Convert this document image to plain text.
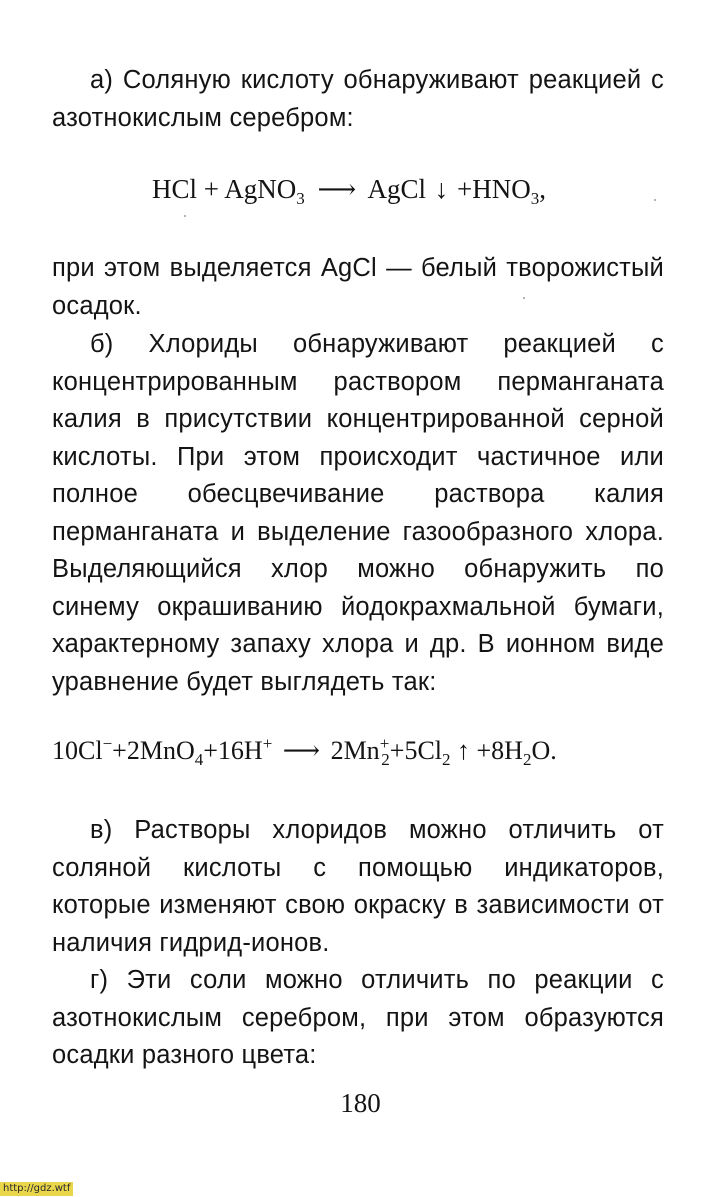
а) Соляную кислоту обнаруживают реакцией с азотнокислым серебром:

HCl + AgNO$_3$ ⟶ AgCl ↓ $+HNO_3$,

при этом выделяется AgCl — белый творожистый осадок.

б) Хлориды обнаруживают реакцией с концентрированным раствором перманганата калия в присутствии концентрированной серной кислоты. При этом происходит частичное или полное обесцвечивание раствора калия перманганата и выделение газообразного хлора. Выделяющийся хлор можно обнаружить по синему окрашиванию йодокрахмальной бумаги, характерному запаху хлора и др. В ионном виде уравнение будет выглядеть так:

10Cl−+2MnO$_4$+16H+ ⟶ $2Mn^+_2+5Cl_2$ ↑ $+8H_2O$.

в) Растворы хлоридов можно отличить от соляной кислоты с помощью индикаторов, которые изменяют свою окраску в зависимости от наличия гидрид-ионов.

г) Эти соли можно отличить по реакции с азотнокислым серебром, при этом образуются осадки разного цвета:

180
http://gdz.wtf
